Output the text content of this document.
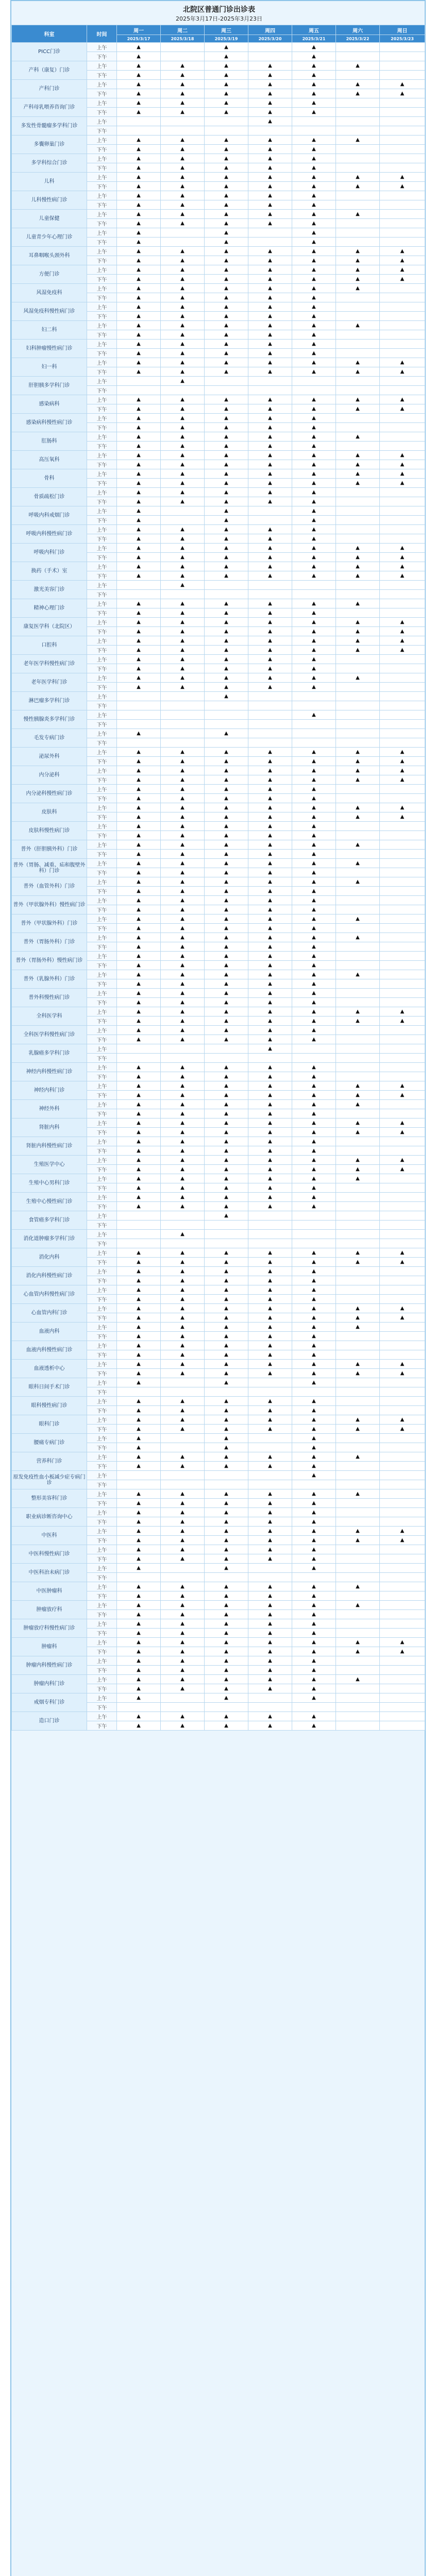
北院区普通门诊出诊表
2025年3月17日-2025年3月23日
科室	时间	周一	周二	周三	周四	周五	周六	周日
		2025/3/17	2025/3/18	2025/3/19	2025/3/20	2025/3/21	2025/3/22	2025/3/23
PICC门诊	上午	▲		▲		▲		
	下午	▲		▲		▲		
产科（康复）门诊	上午	▲	▲	▲	▲	▲	▲	
	下午	▲	▲	▲	▲	▲		
产科门诊	上午	▲	▲	▲	▲	▲	▲	▲
	下午	▲	▲	▲	▲	▲	▲	▲
产科母乳喂养咨询门诊	上午	▲	▲	▲	▲	▲		
	下午	▲	▲	▲	▲	▲		
多发性骨髓瘤多学科门诊	上午				▲			
	下午							
多囊卵巢门诊	上午	▲	▲	▲	▲	▲	▲	
	下午	▲	▲	▲	▲	▲		
多学科综合门诊	上午	▲	▲	▲	▲	▲		
	下午	▲	▲	▲	▲	▲		
儿科	上午	▲	▲	▲	▲	▲	▲	▲
	下午	▲	▲	▲	▲	▲	▲	▲
儿科慢性病门诊	上午	▲	▲	▲	▲	▲		
	下午	▲	▲	▲	▲	▲		
儿童保健	上午	▲	▲	▲	▲	▲	▲	
	下午	▲	▲	▲	▲	▲		
儿童青少年心理门诊	上午	▲		▲		▲		
	下午	▲		▲		▲		
耳鼻咽喉头颈外科	上午	▲	▲	▲	▲	▲	▲	▲
	下午	▲	▲	▲	▲	▲	▲	▲
方便门诊	上午	▲	▲	▲	▲	▲	▲	▲
	下午	▲	▲	▲	▲	▲	▲	▲
风湿免疫科	上午	▲	▲	▲	▲	▲	▲	
	下午	▲	▲	▲	▲	▲		
风湿免疫科慢性病门诊	上午	▲	▲	▲	▲	▲		
	下午	▲	▲	▲	▲	▲		
妇二科	上午	▲	▲	▲	▲	▲	▲	
	下午	▲	▲	▲	▲	▲		
妇科肿瘤慢性病门诊	上午	▲	▲	▲	▲	▲		
	下午	▲	▲	▲	▲	▲		
妇一科	上午	▲	▲	▲	▲	▲	▲	▲
	下午	▲	▲	▲	▲	▲	▲	▲
肝胆胰多学科门诊	上午		▲					
	下午							
感染病科	上午	▲	▲	▲	▲	▲	▲	▲
	下午	▲	▲	▲	▲	▲	▲	▲
感染病科慢性病门诊	上午	▲	▲	▲	▲	▲		
	下午	▲	▲	▲	▲	▲		
肛肠科	上午	▲	▲	▲	▲	▲	▲	
	下午	▲	▲	▲	▲	▲		
高压氧科	上午	▲	▲	▲	▲	▲	▲	▲
	下午	▲	▲	▲	▲	▲	▲	▲
骨科	上午	▲	▲	▲	▲	▲	▲	▲
	下午	▲	▲	▲	▲	▲	▲	▲
骨质疏松门诊	上午	▲	▲	▲	▲	▲		
	下午	▲	▲	▲	▲	▲		
呼吸内科戒烟门诊	上午	▲		▲		▲		
	下午	▲		▲		▲		
呼吸内科慢性病门诊	上午	▲	▲	▲	▲	▲		
	下午	▲	▲	▲	▲	▲		
呼吸内科门诊	上午	▲	▲	▲	▲	▲	▲	▲
	下午	▲	▲	▲	▲	▲	▲	▲
换药（手术）室	上午	▲	▲	▲	▲	▲	▲	▲
	下午	▲	▲	▲	▲	▲	▲	▲
激光美容门诊	上午		▲					
	下午							
精神心理门诊	上午	▲	▲	▲	▲	▲	▲	
	下午	▲	▲	▲	▲	▲		
康复医学科（北院区）	上午	▲	▲	▲	▲	▲	▲	▲
	下午	▲	▲	▲	▲	▲	▲	▲
口腔科	上午	▲	▲	▲	▲	▲	▲	▲
	下午	▲	▲	▲	▲	▲	▲	▲
老年医学科慢性病门诊	上午	▲	▲	▲	▲	▲		
	下午	▲	▲	▲	▲	▲		
老年医学科门诊	上午	▲	▲	▲	▲	▲	▲	
	下午	▲	▲	▲	▲	▲		
淋巴瘤多学科门诊	上午			▲				
	下午							
慢性胰腺炎多学科门诊	上午					▲		
	下午							
毛发专病门诊	上午	▲		▲				
	下午							
泌尿外科	上午	▲	▲	▲	▲	▲	▲	▲
	下午	▲	▲	▲	▲	▲	▲	▲
内分泌科	上午	▲	▲	▲	▲	▲	▲	▲
	下午	▲	▲	▲	▲	▲	▲	▲
内分泌科慢性病门诊	上午	▲	▲	▲	▲	▲		
	下午	▲	▲	▲	▲	▲		
皮肤科	上午	▲	▲	▲	▲	▲	▲	▲
	下午	▲	▲	▲	▲	▲	▲	▲
皮肤科慢性病门诊	上午	▲	▲	▲	▲	▲		
	下午	▲	▲	▲	▲	▲		
普外（肝胆胰外科）门诊	上午	▲	▲	▲	▲	▲	▲	
	下午	▲	▲	▲	▲	▲		
普外（胃肠、减重、疝和腹壁外科）门诊	上午	▲	▲	▲	▲	▲	▲	
	下午	▲	▲	▲	▲	▲		
普外（血管外科）门诊	上午	▲	▲	▲	▲	▲	▲	
	下午	▲	▲	▲	▲	▲		
普外（甲状腺外科）慢性病门诊	上午	▲	▲	▲	▲	▲		
	下午	▲	▲	▲	▲	▲		
普外（甲状腺外科）门诊	上午	▲	▲	▲	▲	▲	▲	
	下午	▲	▲	▲	▲	▲		
普外（胃肠外科）门诊	上午	▲	▲	▲	▲	▲	▲	
	下午	▲	▲	▲	▲	▲		
普外（胃肠外科）慢性病门诊	上午	▲	▲	▲	▲	▲		
	下午	▲	▲	▲	▲	▲		
普外（乳腺外科）门诊	上午	▲	▲	▲	▲	▲	▲	
	下午	▲	▲	▲	▲	▲		
普外科慢性病门诊	上午	▲	▲	▲	▲	▲		
	下午	▲	▲	▲	▲	▲		
全科医学科	上午	▲	▲	▲	▲	▲	▲	▲
	下午	▲	▲	▲	▲	▲	▲	▲
全科医学科慢性病门诊	上午	▲	▲	▲	▲	▲		
	下午	▲	▲	▲	▲	▲		
乳腺癌多学科门诊	上午				▲			
	下午							
神经内科慢性病门诊	上午	▲	▲	▲	▲	▲		
	下午	▲	▲	▲	▲	▲		
神经内科门诊	上午	▲	▲	▲	▲	▲	▲	▲
	下午	▲	▲	▲	▲	▲	▲	▲
神经外科	上午	▲	▲	▲	▲	▲	▲	
	下午	▲	▲	▲	▲	▲		
肾脏内科	上午	▲	▲	▲	▲	▲	▲	▲
	下午	▲	▲	▲	▲	▲	▲	▲
肾脏内科慢性病门诊	上午	▲	▲	▲	▲	▲		
	下午	▲	▲	▲	▲	▲		
生殖医学中心	上午	▲	▲	▲	▲	▲	▲	▲
	下午	▲	▲	▲	▲	▲	▲	▲
生殖中心男科门诊	上午	▲	▲	▲	▲	▲	▲	
	下午	▲	▲	▲	▲	▲		
生殖中心慢性病门诊	上午	▲	▲	▲	▲	▲		
	下午	▲	▲	▲	▲	▲		
食管癌多学科门诊	上午			▲				
	下午							
消化道肿瘤多学科门诊	上午		▲					
	下午							
消化内科	上午	▲	▲	▲	▲	▲	▲	▲
	下午	▲	▲	▲	▲	▲	▲	▲
消化内科慢性病门诊	上午	▲	▲	▲	▲	▲		
	下午	▲	▲	▲	▲	▲		
心血管内科慢性病门诊	上午	▲	▲	▲	▲	▲		
	下午	▲	▲	▲	▲	▲		
心血管内科门诊	上午	▲	▲	▲	▲	▲	▲	▲
	下午	▲	▲	▲	▲	▲	▲	▲
血液内科	上午	▲	▲	▲	▲	▲	▲	
	下午	▲	▲	▲	▲	▲		
血液内科慢性病门诊	上午	▲	▲	▲	▲	▲		
	下午	▲	▲	▲	▲	▲		
血液透析中心	上午	▲	▲	▲	▲	▲	▲	▲
	下午	▲	▲	▲	▲	▲	▲	▲
眼科日间手术门诊	上午	▲		▲		▲		
	下午							
眼科慢性病门诊	上午	▲	▲	▲	▲	▲		
	下午	▲	▲	▲	▲	▲		
眼科门诊	上午	▲	▲	▲	▲	▲	▲	▲
	下午	▲	▲	▲	▲	▲	▲	▲
腰痛专病门诊	上午	▲		▲		▲		
	下午	▲		▲		▲		
营养科门诊	上午	▲	▲	▲	▲	▲	▲	
	下午	▲	▲	▲	▲	▲		
原发免疫性血小板减少症专病门诊	上午					▲		
	下午							
整形美容科门诊	上午	▲	▲	▲	▲	▲	▲	
	下午	▲	▲	▲	▲	▲		
职业病诊断咨询中心	上午	▲	▲	▲	▲	▲		
	下午	▲	▲	▲	▲	▲		
中医科	上午	▲	▲	▲	▲	▲	▲	▲
	下午	▲	▲	▲	▲	▲	▲	▲
中医科慢性病门诊	上午	▲	▲	▲	▲	▲		
	下午	▲	▲	▲	▲	▲		
中医科治未病门诊	上午	▲		▲		▲		
	下午							
中医肿瘤科	上午	▲	▲	▲	▲	▲	▲	
	下午	▲	▲	▲	▲	▲		
肿瘤放疗科	上午	▲	▲	▲	▲	▲	▲	
	下午	▲	▲	▲	▲	▲		
肿瘤放疗科慢性病门诊	上午	▲	▲	▲	▲	▲		
	下午	▲	▲	▲	▲	▲		
肿瘤科	上午	▲	▲	▲	▲	▲	▲	▲
	下午	▲	▲	▲	▲	▲	▲	▲
肿瘤内科慢性病门诊	上午	▲	▲	▲	▲	▲		
	下午	▲	▲	▲	▲	▲		
肿瘤内科门诊	上午	▲	▲	▲	▲	▲	▲	
	下午	▲	▲	▲	▲	▲		
戒烟专科门诊	上午	▲		▲		▲		
	下午							
造口门诊	上午	▲	▲	▲	▲	▲		
	下午	▲	▲	▲	▲	▲		
